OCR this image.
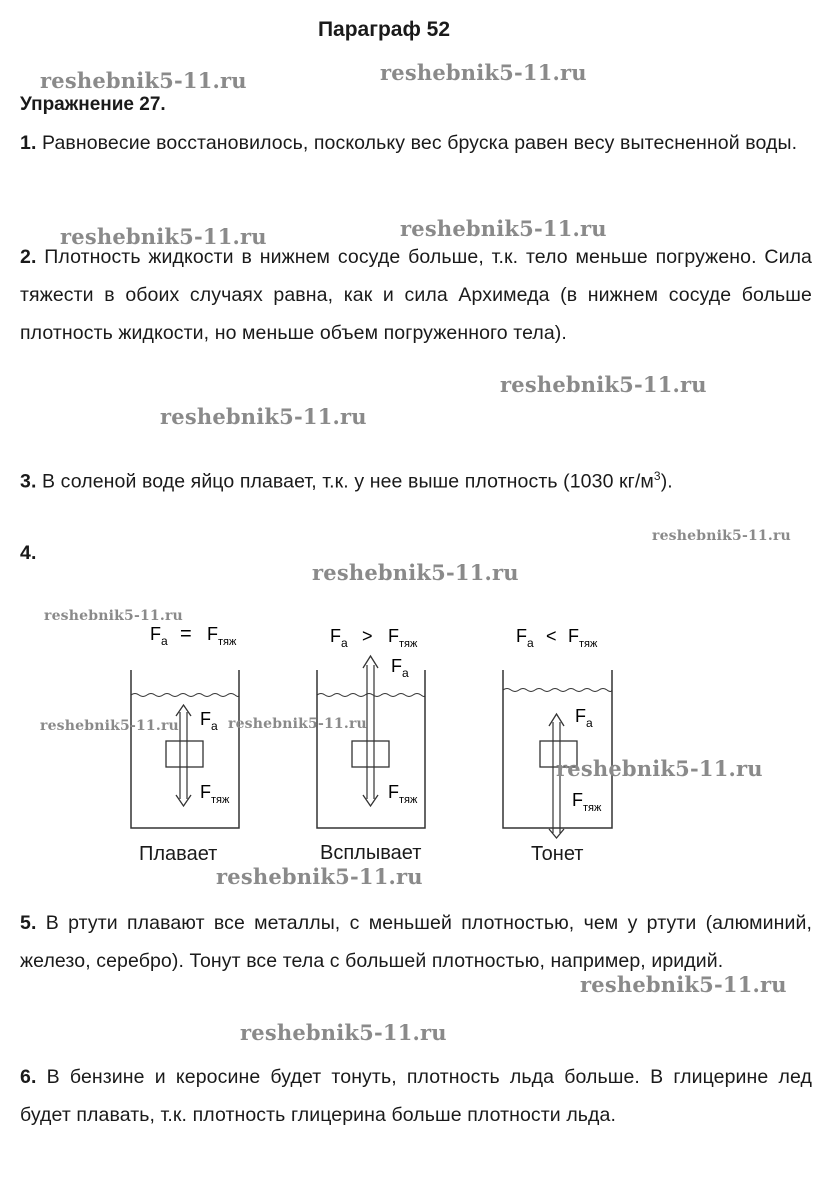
Параграф 52
Упражнение 27.
1. Равновесие восстановилось, поскольку вес бруска равен весу вытесненной воды.
2. Плотность жидкости в нижнем сосуде больше, т.к. тело меньше погружено. Сила тяжести в обоих случаях равна, как и сила Архимеда (в нижнем сосуде больше плотность жидкости, но меньше объем погруженного тела).
3. В соленой воде яйцо плавает, т.к. у нее выше плотность (1030 $кг/м^3$).
4.
$F_a = F_{тяж}$
$F_a$
$F_{тяж}$
$F_a > F_{тяж}$
$F_a$
$F_{тяж}$
$F_a < F_{тяж}$
$F_a$
$F_{тяж}$
Плавает	Всплывает	Тонет
5. В ртути плавают все металлы, с меньшей плотностью, чем у ртути (алюминий, железо, серебро). Тонут все тела с большей плотностью, например, иридий.
6. В бензине и керосине будет тонуть, плотность льда больше. В глицерине лед будет плавать, т.к. плотность глицерина больше плотности льда.
reshebnik5-11.ru	reshebnik5-11.ru
reshebnik5-11.ru	reshebnik5-11.ru
reshebnik5-11.ru
reshebnik5-11.ru
reshebnik5-11.ru
reshebnik5-11.ru
reshebnik5-11.ru
reshebnik5-11.ru	reshebnik5-11.ru
reshebnik5-11.ru
reshebnik5-11.ru
reshebnik5-11.ru
reshebnik5-11.ru
